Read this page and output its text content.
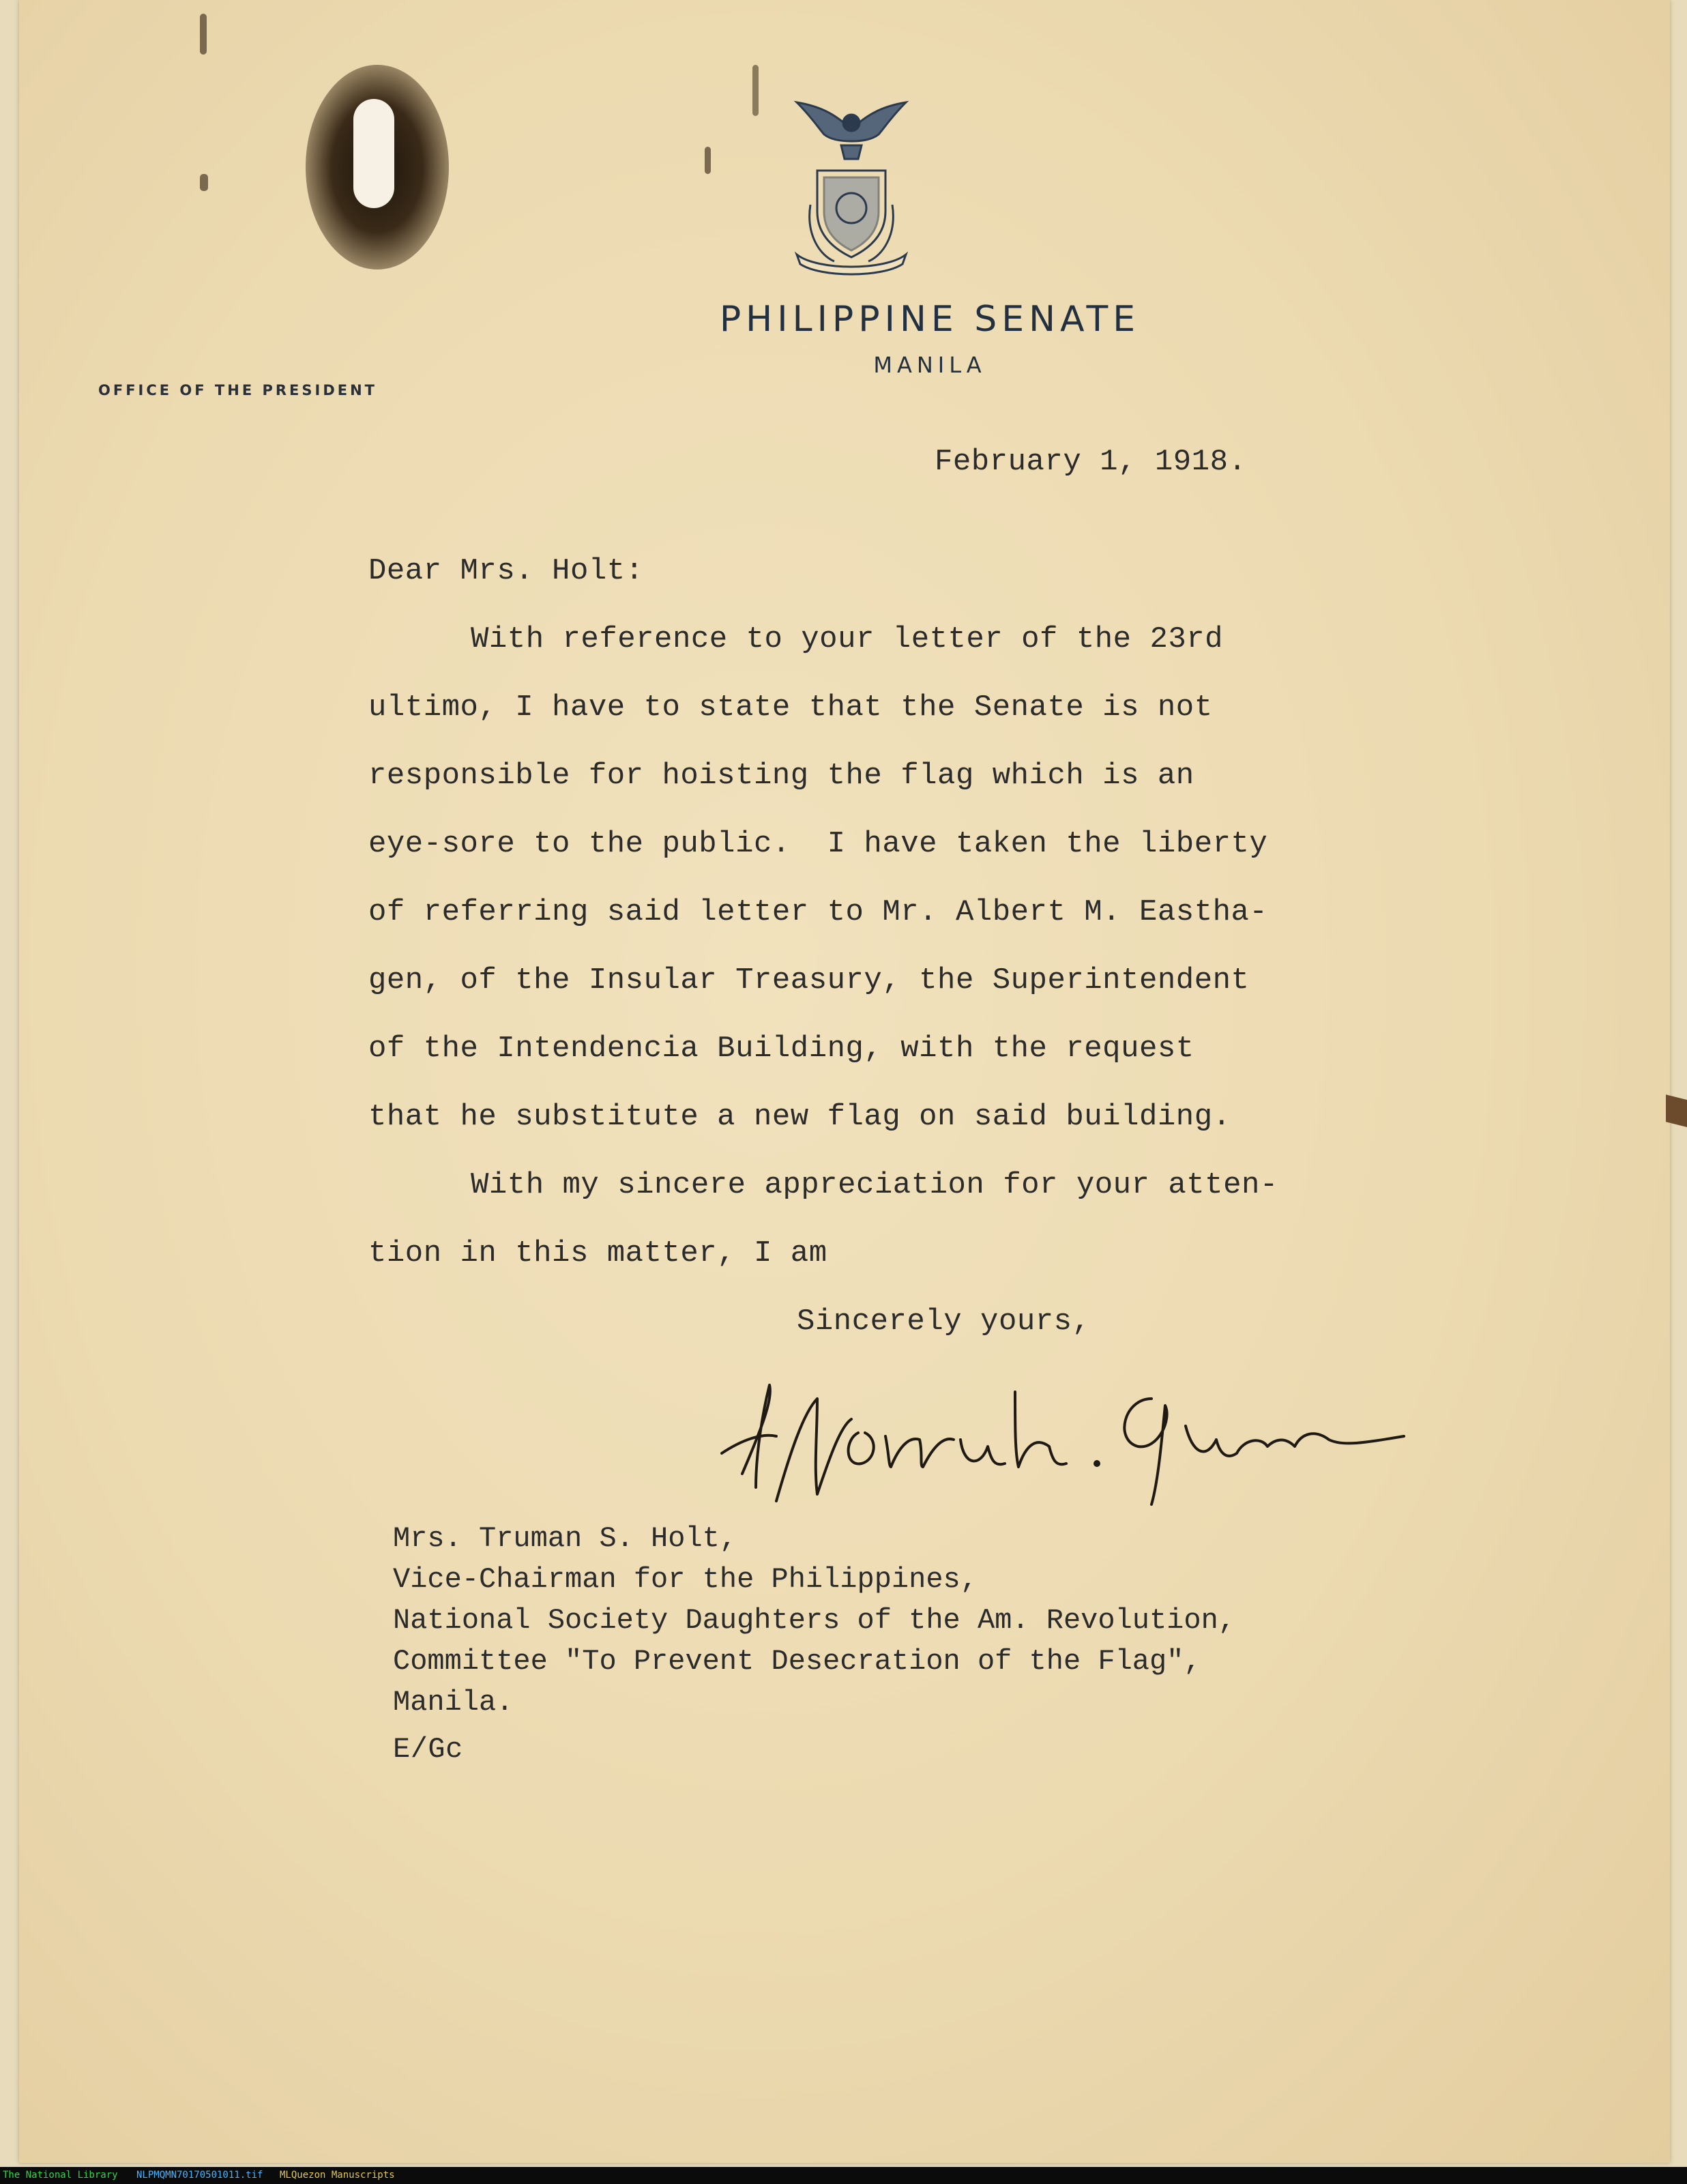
PHILIPPINE SENATE
MANILA
OFFICE OF THE PRESIDENT
February 1, 1918.
Dear Mrs. Holt:
With reference to your letter of the 23rd
ultimo, I have to state that the Senate is not
responsible for hoisting the flag which is an
eye-sore to the public.  I have taken the liberty
of referring said letter to Mr. Albert M. Eastha-
gen, of the Insular Treasury, the Superintendent
of the Intendencia Building, with the request
that he substitute a new flag on said building.
With my sincere appreciation for your atten-
tion in this matter, I am
Sincerely yours,
Mrs. Truman S. Holt,
Vice-Chairman for the Philippines,
National Society Daughters of the Am. Revolution,
Committee "To Prevent Desecration of the Flag",
Manila.
E/Gc
The National Library NLPMQMN70170501011.tif MLQuezon Manuscripts
